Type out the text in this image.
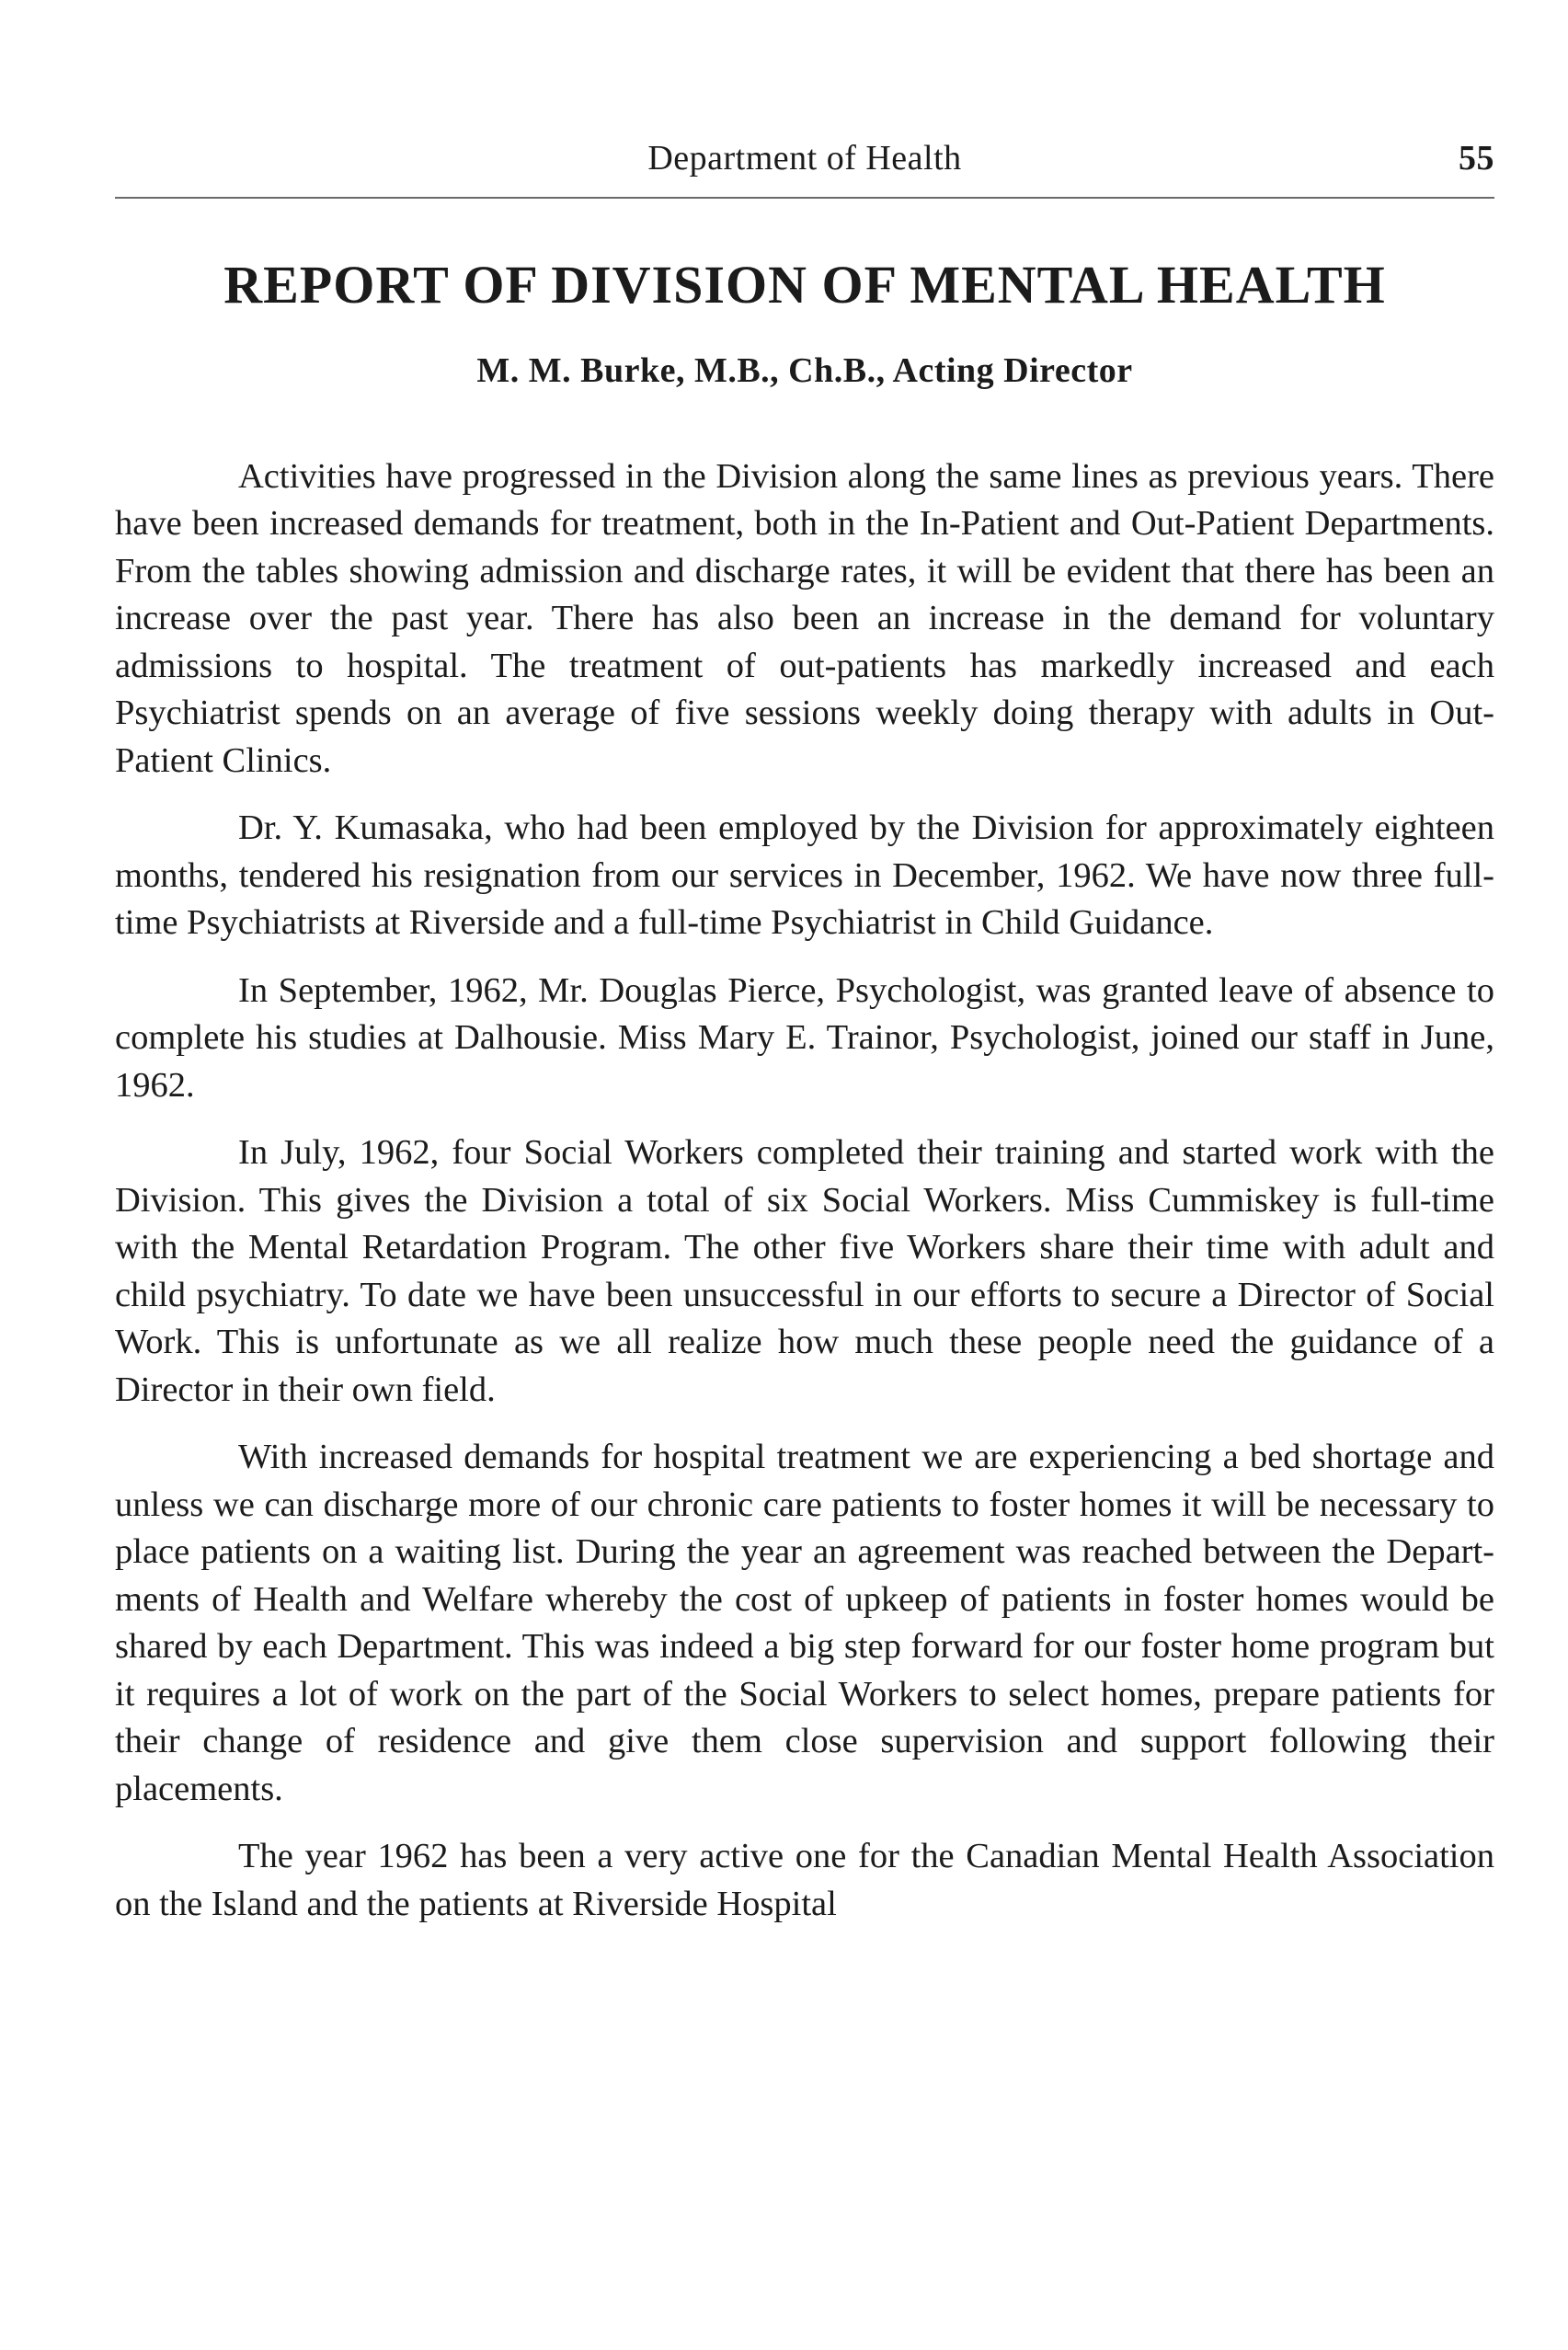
Department of Health	55
REPORT OF DIVISION OF MENTAL HEALTH
M. M. Burke, M.B., Ch.B., Acting Director

Activities have progressed in the Division along the same lines as previous years. There have been increased demands for treatment, both in the In-Patient and Out-Patient Departments. From the tables showing admission and discharge rates, it will be evident that there has been an increase over the past year. There has also been an increase in the demand for voluntary admissions to hospital. The treatment of out-patients has markedly increased and each Psychiatrist spends on an average of five sessions weekly doing therapy with adults in Out-Patient Clinics.

Dr. Y. Kumasaka, who had been employed by the Division for approximately eighteen months, tendered his resignation from our services in December, 1962. We have now three full-time Psychiatrists at Riverside and a full-time Psychiatrist in Child Guidance.

In September, 1962, Mr. Douglas Pierce, Psychologist, was granted leave of absence to complete his studies at Dalhousie. Miss Mary E. Trainor, Psychologist, joined our staff in June, 1962.

In July, 1962, four Social Workers completed their training and started work with the Division. This gives the Division a total of six Social Workers. Miss Cummiskey is full-time with the Mental Retardation Program. The other five Workers share their time with adult and child psychiatry. To date we have been unsuccessful in our efforts to secure a Director of Social Work. This is unfortunate as we all realize how much these people need the guidance of a Director in their own field.

With increased demands for hospital treatment we are experiencing a bed shortage and unless we can discharge more of our chronic care patients to foster homes it will be necessary to place patients on a waiting list. During the year an agreement was reached between the Departments of Health and Welfare whereby the cost of upkeep of patients in foster homes would be shared by each Department. This was indeed a big step forward for our foster home program but it requires a lot of work on the part of the Social Workers to select homes, prepare patients for their change of residence and give them close supervision and support following their placements.

The year 1962 has been a very active one for the Canadian Mental Health Association on the Island and the patients at Riverside Hospital
